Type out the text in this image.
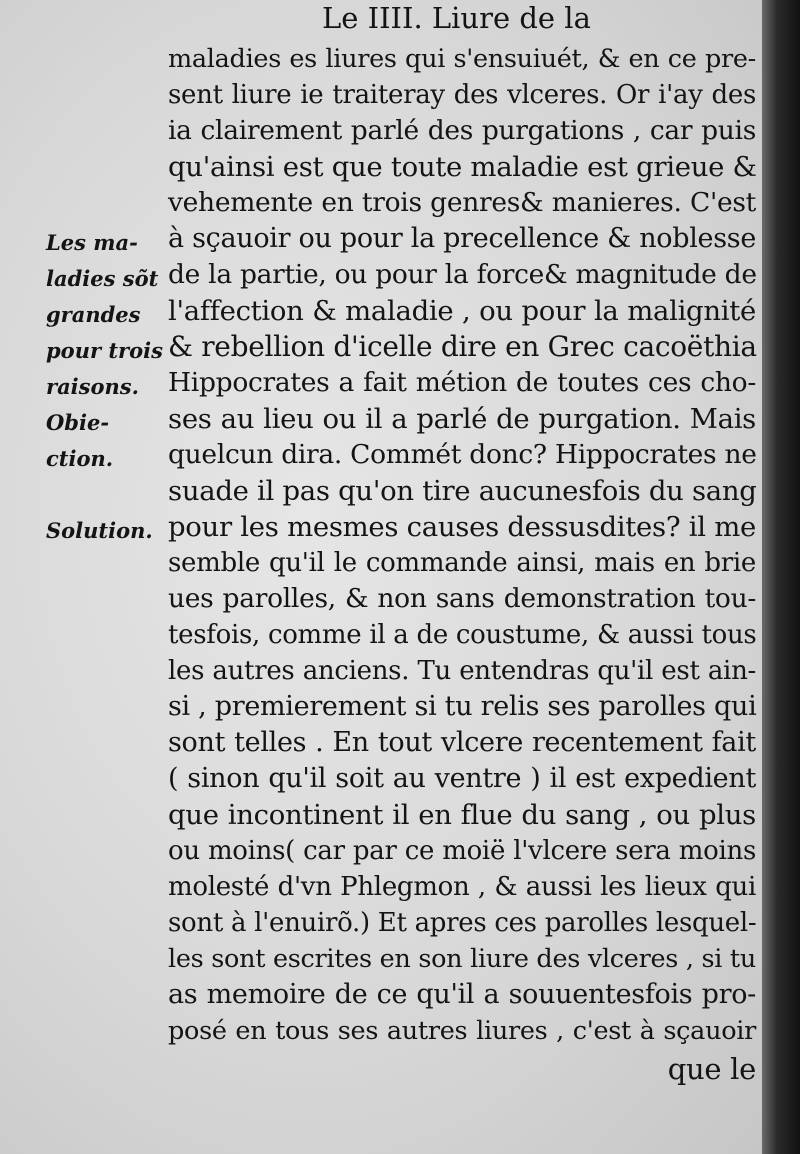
Le IIII. Liure de la
maladies es liures qui s'ensuiuét, & en ce pre-
sent liure ie traiteray des vlceres. Or i'ay des
ia clairement parlé des purgations , car puis
qu'ainsi est que toute maladie est grieue &
vehemente en trois genres& manieres. C'est
à sçauoir ou pour la precellence & noblesse
de la partie, ou pour la force& magnitude de
l'affection & maladie , ou pour la malignité
& rebellion d'icelle dire en Grec cacoëthia
Hippocrates a fait métion de toutes ces cho-
ses au lieu ou il a parlé de purgation. Mais
quelcun dira. Commét donc? Hippocrates ne
suade il pas qu'on tire aucunesfois du sang
pour les mesmes causes dessusdites? il me
semble qu'il le commande ainsi, mais en brie
ues parolles, & non sans demonstration tou-
tesfois, comme il a de coustume, & aussi tous
les autres anciens. Tu entendras qu'il est ain-
si , premierement si tu relis ses parolles qui
sont telles . En tout vlcere recentement fait
( sinon qu'il soit au ventre ) il est expedient
que incontinent il en flue du sang , ou plus
ou moins( car par ce moië l'vlcere sera moins
molesté d'vn Phlegmon , & aussi les lieux qui
sont à l'enuirõ.) Et apres ces parolles lesquel-
les sont escrites en son liure des vlceres , si tu
as memoire de ce qu'il a souuentesfois pro-
posé en tous ses autres liures , c'est à sçauoir
que le
Les ma-
ladies sõt
grandes
pour trois
raisons.
Obie-
ction.
Solution.
